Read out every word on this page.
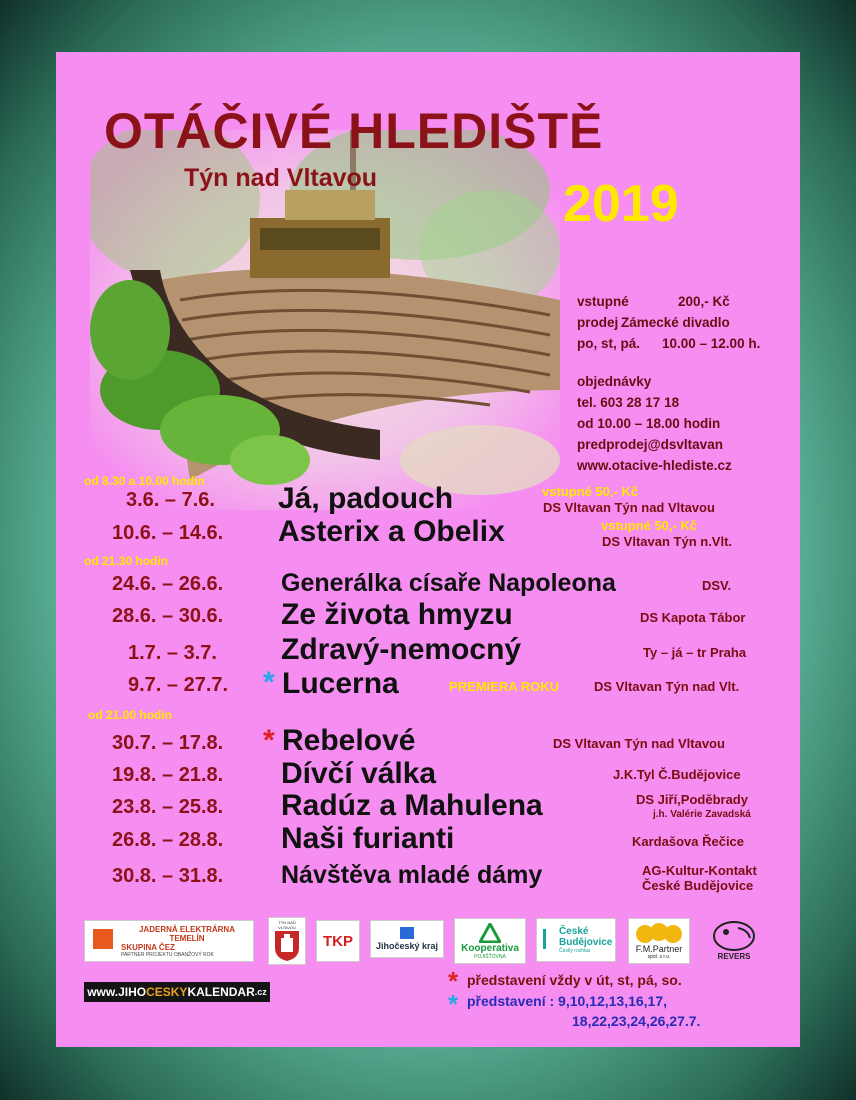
OTÁČIVÉ HLEDIŠTĚ
Týn nad Vltavou	2019
vstupné	200,- Kč
prodej Zámecké divadlo
po, st, pá. 10.00 – 12.00 h.
objednávky
tel. 603 28 17 18
od 10.00 – 18.00 hodin
predprodej@dsvltavan
www.otacive-hlediste.cz
od 8.30 a 10.00 hodin
od 21.30 hodin
od 21.00 hodin
3.6. – 7.6. Já, padouch	vstupné 50,- Kč
DS Vltavan Týn nad Vltavou
10.6. – 14.6. Asterix a Obelix	vstupné 50,- Kč
DS Vltavan Týn n.Vlt.
24.6. – 26.6. Generálka císaře Napoleona	DSV.
28.6. – 30.6. Ze života hmyzu	DS Kapota Tábor
1.7. – 3.7. Zdravý-nemocný	Ty – já – tr Praha
9.7. – 27.7. * Lucerna	PREMIERA ROKU	DS Vltavan Týn nad Vlt.
30.7. – 17.8. * Rebelové	DS Vltavan Týn nad Vltavou
19.8. – 21.8. Dívčí válka	J.K.Tyl Č.Budějovice
23.8. – 25.8. Radúz a Mahulena	DS Jiří,Poděbrady
j.h. Valérie Zavadská
26.8. – 28.8. Naši furianti	Kardašova Řečice
30.8. – 31.8. Návštěva mladé dámy	AG-Kultur-Kontakt
České Budějovice
JADERNÁ ELEKTRÁRNA TEMELÍN
SKUPINA ČEZ
PARTNER PROJEKTU OBANŽOVÝ ROK
TÝN NAD VLTAVOU
TKP	Jihočeský kraj Kooperativa
POJIŠŤOVNA
České
Budějovice
Český rozhlas	F.M.Partner
spol. s r.o.	REVERS
www. JIHO CESKY KALENDAR .cz	* představení vždy v út, st, pá, so.
* představení : 9,10,12,13,16,17,
18,22,23,24,26,27.7.
